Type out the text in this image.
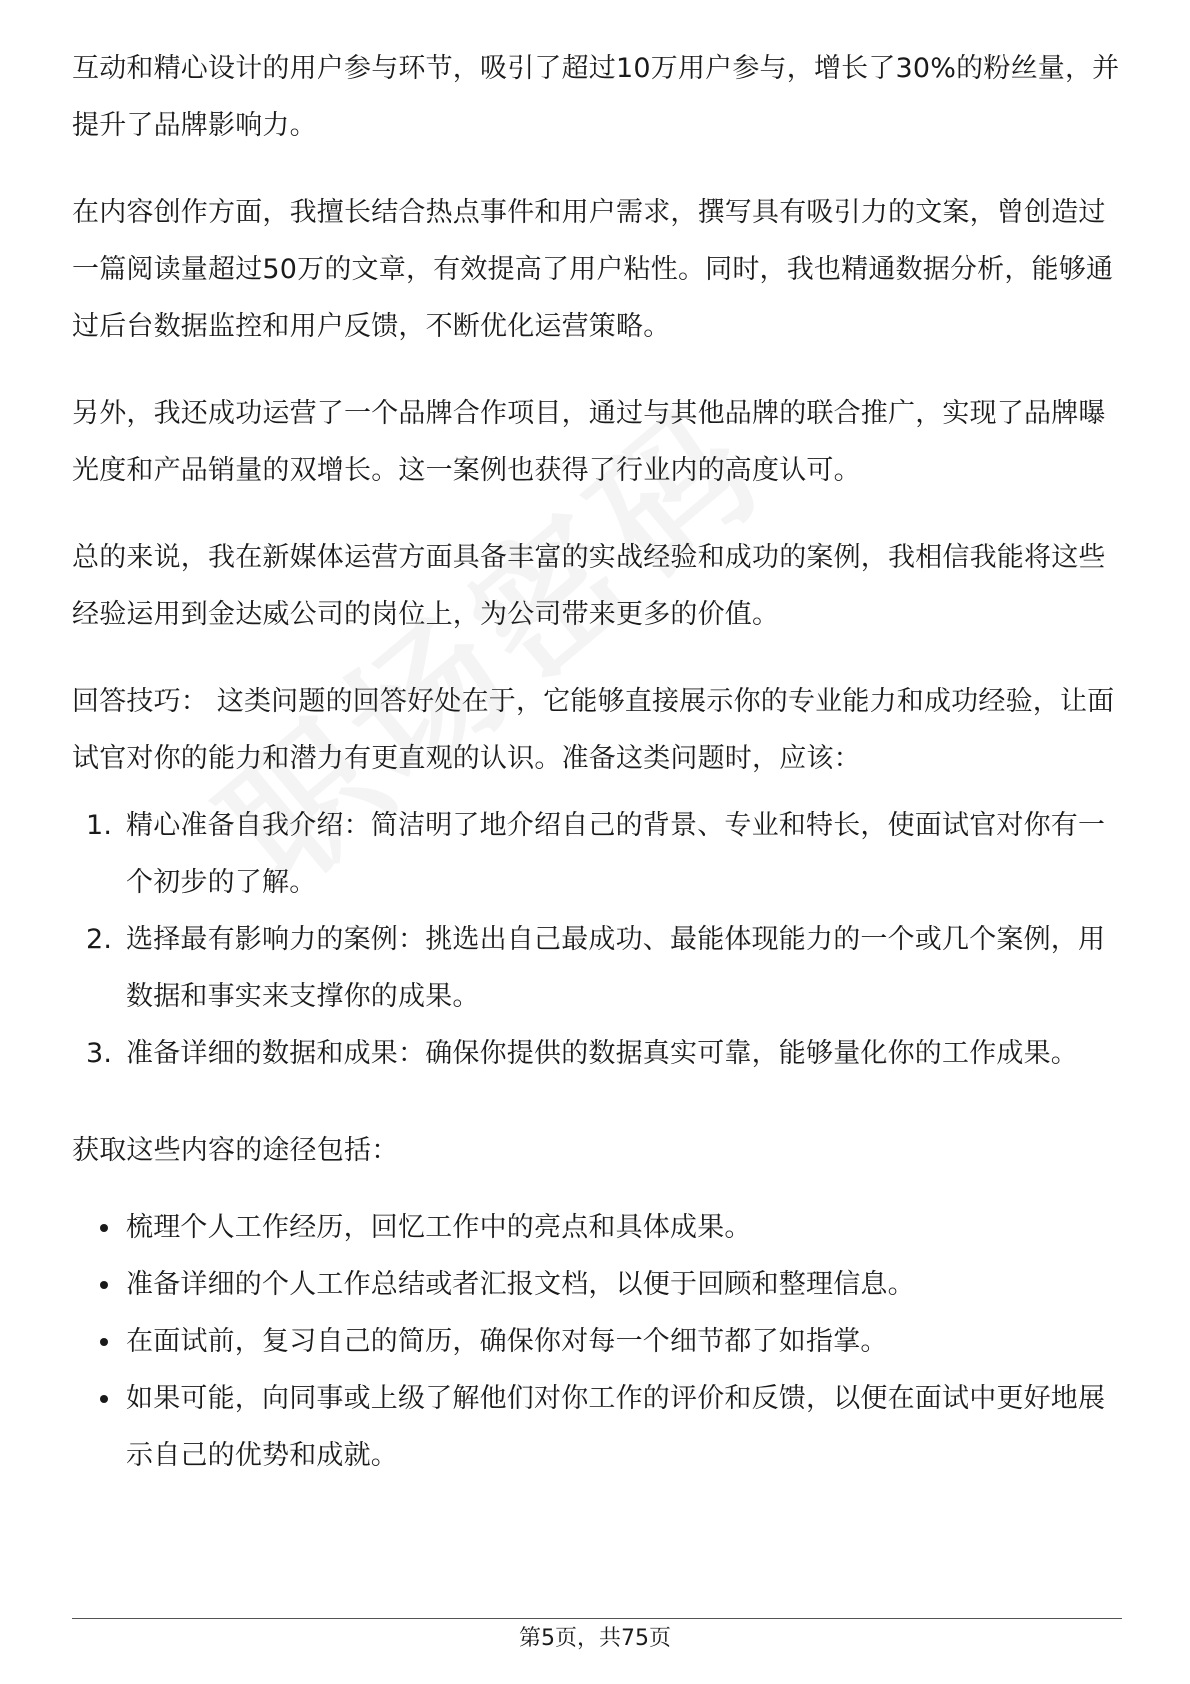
互动和精心设计的用户参与环节，吸引了超过10万用户参与，增长了30%的粉丝量，并提升了品牌影响力。

在内容创作方面，我擅长结合热点事件和用户需求，撰写具有吸引力的文案，曾创造过一篇阅读量超过50万的文章，有效提高了用户粘性。同时，我也精通数据分析，能够通过后台数据监控和用户反馈，不断优化运营策略。

另外，我还成功运营了一个品牌合作项目，通过与其他品牌的联合推广，实现了品牌曝光度和产品销量的双增长。这一案例也获得了行业内的高度认可。

总的来说，我在新媒体运营方面具备丰富的实战经验和成功的案例，我相信我能将这些经验运用到金达威公司的岗位上，为公司带来更多的价值。

回答技巧： 这类问题的回答好处在于，它能够直接展示你的专业能力和成功经验，让面试官对你的能力和潜力有更直观的认识。准备这类问题时，应该：

1. 精心准备自我介绍：简洁明了地介绍自己的背景、专业和特长，使面试官对你有一个初步的了解。
2. 选择最有影响力的案例：挑选出自己最成功、最能体现能力的一个或几个案例，用数据和事实来支撑你的成果。
3. 准备详细的数据和成果：确保你提供的数据真实可靠，能够量化你的工作成果。

获取这些内容的途径包括：

梳理个人工作经历，回忆工作中的亮点和具体成果。
准备详细的个人工作总结或者汇报文档，以便于回顾和整理信息。
在面试前，复习自己的简历，确保你对每一个细节都了如指掌。
如果可能，向同事或上级了解他们对你工作的评价和反馈，以便在面试中更好地展示自己的优势和成就。
第5页，共75页
